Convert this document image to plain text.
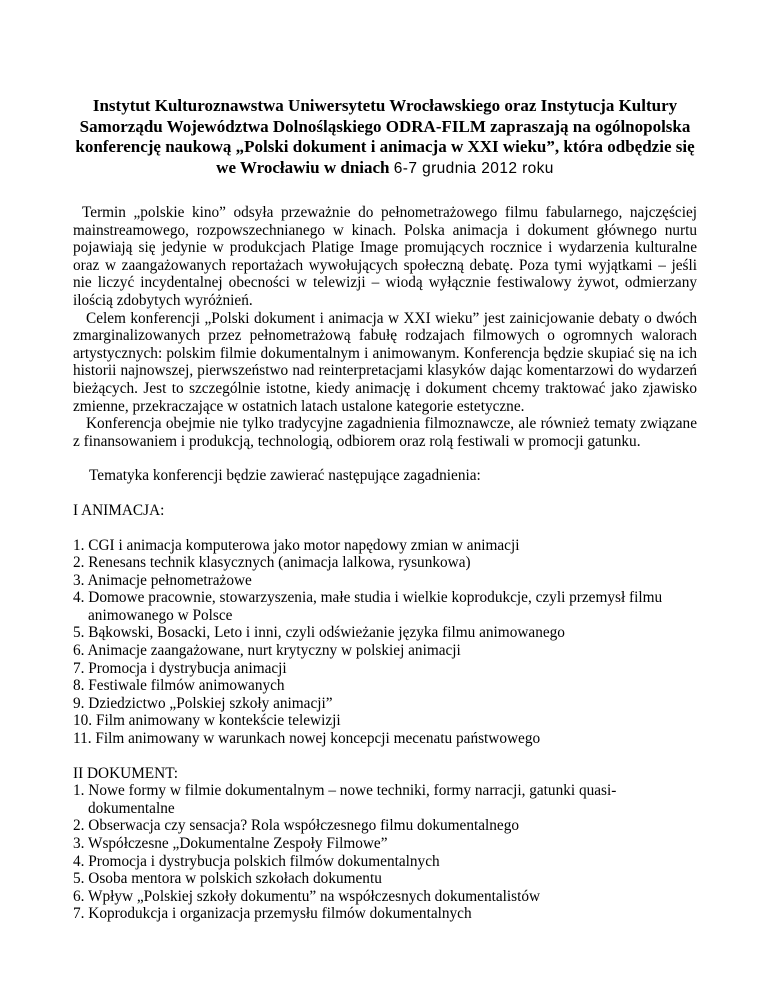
Instytut Kulturoznawstwa Uniwersytetu Wrocławskiego oraz Instytucja Kultury Samorządu Województwa Dolnośląskiego ODRA-FILM zapraszają na ogólnopolska konferencję naukową „Polski dokument i animacja w XXI wieku”, która odbędzie się we Wrocławiu w dniach 6-7 grudnia 2012 roku

Termin „polskie kino” odsyła przeważnie do pełnometrażowego filmu fabularnego, najczęściej mainstreamowego, rozpowszechnianego w kinach. Polska animacja i dokument głównego nurtu pojawiają się jedynie w produkcjach Platige Image promujących rocznice i wydarzenia kulturalne oraz w zaangażowanych reportażach wywołujących społeczną debatę. Poza tymi wyjątkami – jeśli nie liczyć incydentalnej obecności w telewizji – wiodą wyłącznie festiwalowy żywot, odmierzany ilością zdobytych wyróżnień.

Celem konferencji „Polski dokument i animacja w XXI wieku” jest zainicjowanie debaty o dwóch zmarginalizowanych przez pełnometrażową fabułę rodzajach filmowych o ogromnych walorach artystycznych: polskim filmie dokumentalnym i animowanym. Konferencja będzie skupiać się na ich historii najnowszej, pierwszeństwo nad reinterpretacjami klasyków dając komentarzowi do wydarzeń bieżących. Jest to szczególnie istotne, kiedy animację i dokument chcemy traktować jako zjawisko zmienne, przekraczające w ostatnich latach ustalone kategorie estetyczne.

Konferencja obejmie nie tylko tradycyjne zagadnienia filmoznawcze, ale również tematy związane z finansowaniem i produkcją, technologią, odbiorem oraz rolą festiwali w promocji gatunku.

Tematyka konferencji będzie zawierać następujące zagadnienia:

I ANIMACJA:

1. CGI i animacja komputerowa jako motor napędowy zmian w animacji
2. Renesans technik klasycznych (animacja lalkowa, rysunkowa)
3. Animacje pełnometrażowe
4. Domowe pracownie, stowarzyszenia, małe studia i wielkie koprodukcje, czyli przemysł filmu animowanego w Polsce
5. Bąkowski, Bosacki, Leto i inni, czyli odświeżanie języka filmu animowanego
6. Animacje zaangażowane, nurt krytyczny w polskiej animacji
7. Promocja i dystrybucja animacji
8. Festiwale filmów animowanych
9. Dziedzictwo „Polskiej szkoły animacji”
10. Film animowany w kontekście telewizji
11. Film animowany w warunkach nowej koncepcji mecenatu państwowego

II DOKUMENT:

1. Nowe formy w filmie dokumentalnym – nowe techniki, formy narracji, gatunki quasi-dokumentalne
2. Obserwacja czy sensacja? Rola współczesnego filmu dokumentalnego
3. Współczesne „Dokumentalne Zespoły Filmowe”
4. Promocja i dystrybucja polskich filmów dokumentalnych
5. Osoba mentora w polskich szkołach dokumentu
6. Wpływ „Polskiej szkoły dokumentu” na współczesnych dokumentalistów
7. Koprodukcja i organizacja przemysłu filmów dokumentalnych
